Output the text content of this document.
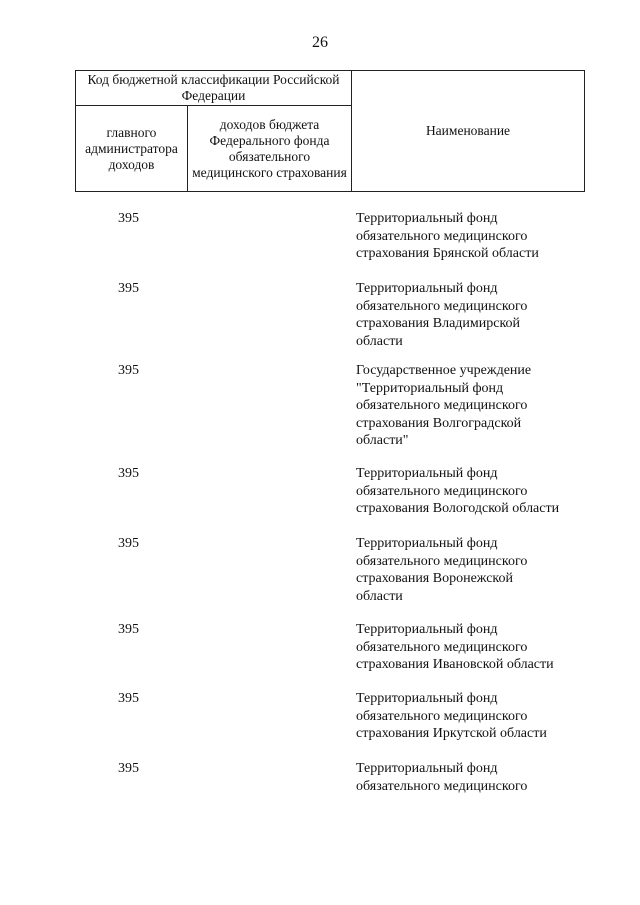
26
Код бюджетной классификации Российской Федерации
главного администратора доходов
доходов бюджета Федерального фонда обязательного медицинского страхования
Наименование
395	Территориальный фонд
обязательного медицинского
страхования Брянской области
395	Территориальный фонд
обязательного медицинского
страхования Владимирской
области
395	Государственное учреждение
"Территориальный фонд
обязательного медицинского
страхования Волгоградской
области"
395	Территориальный фонд
обязательного медицинского
страхования Вологодской области
395	Территориальный фонд
обязательного медицинского
страхования Воронежской
области
395	Территориальный фонд
обязательного медицинского
страхования Ивановской области
395	Территориальный фонд
обязательного медицинского
страхования Иркутской области
395	Территориальный фонд
обязательного медицинского
